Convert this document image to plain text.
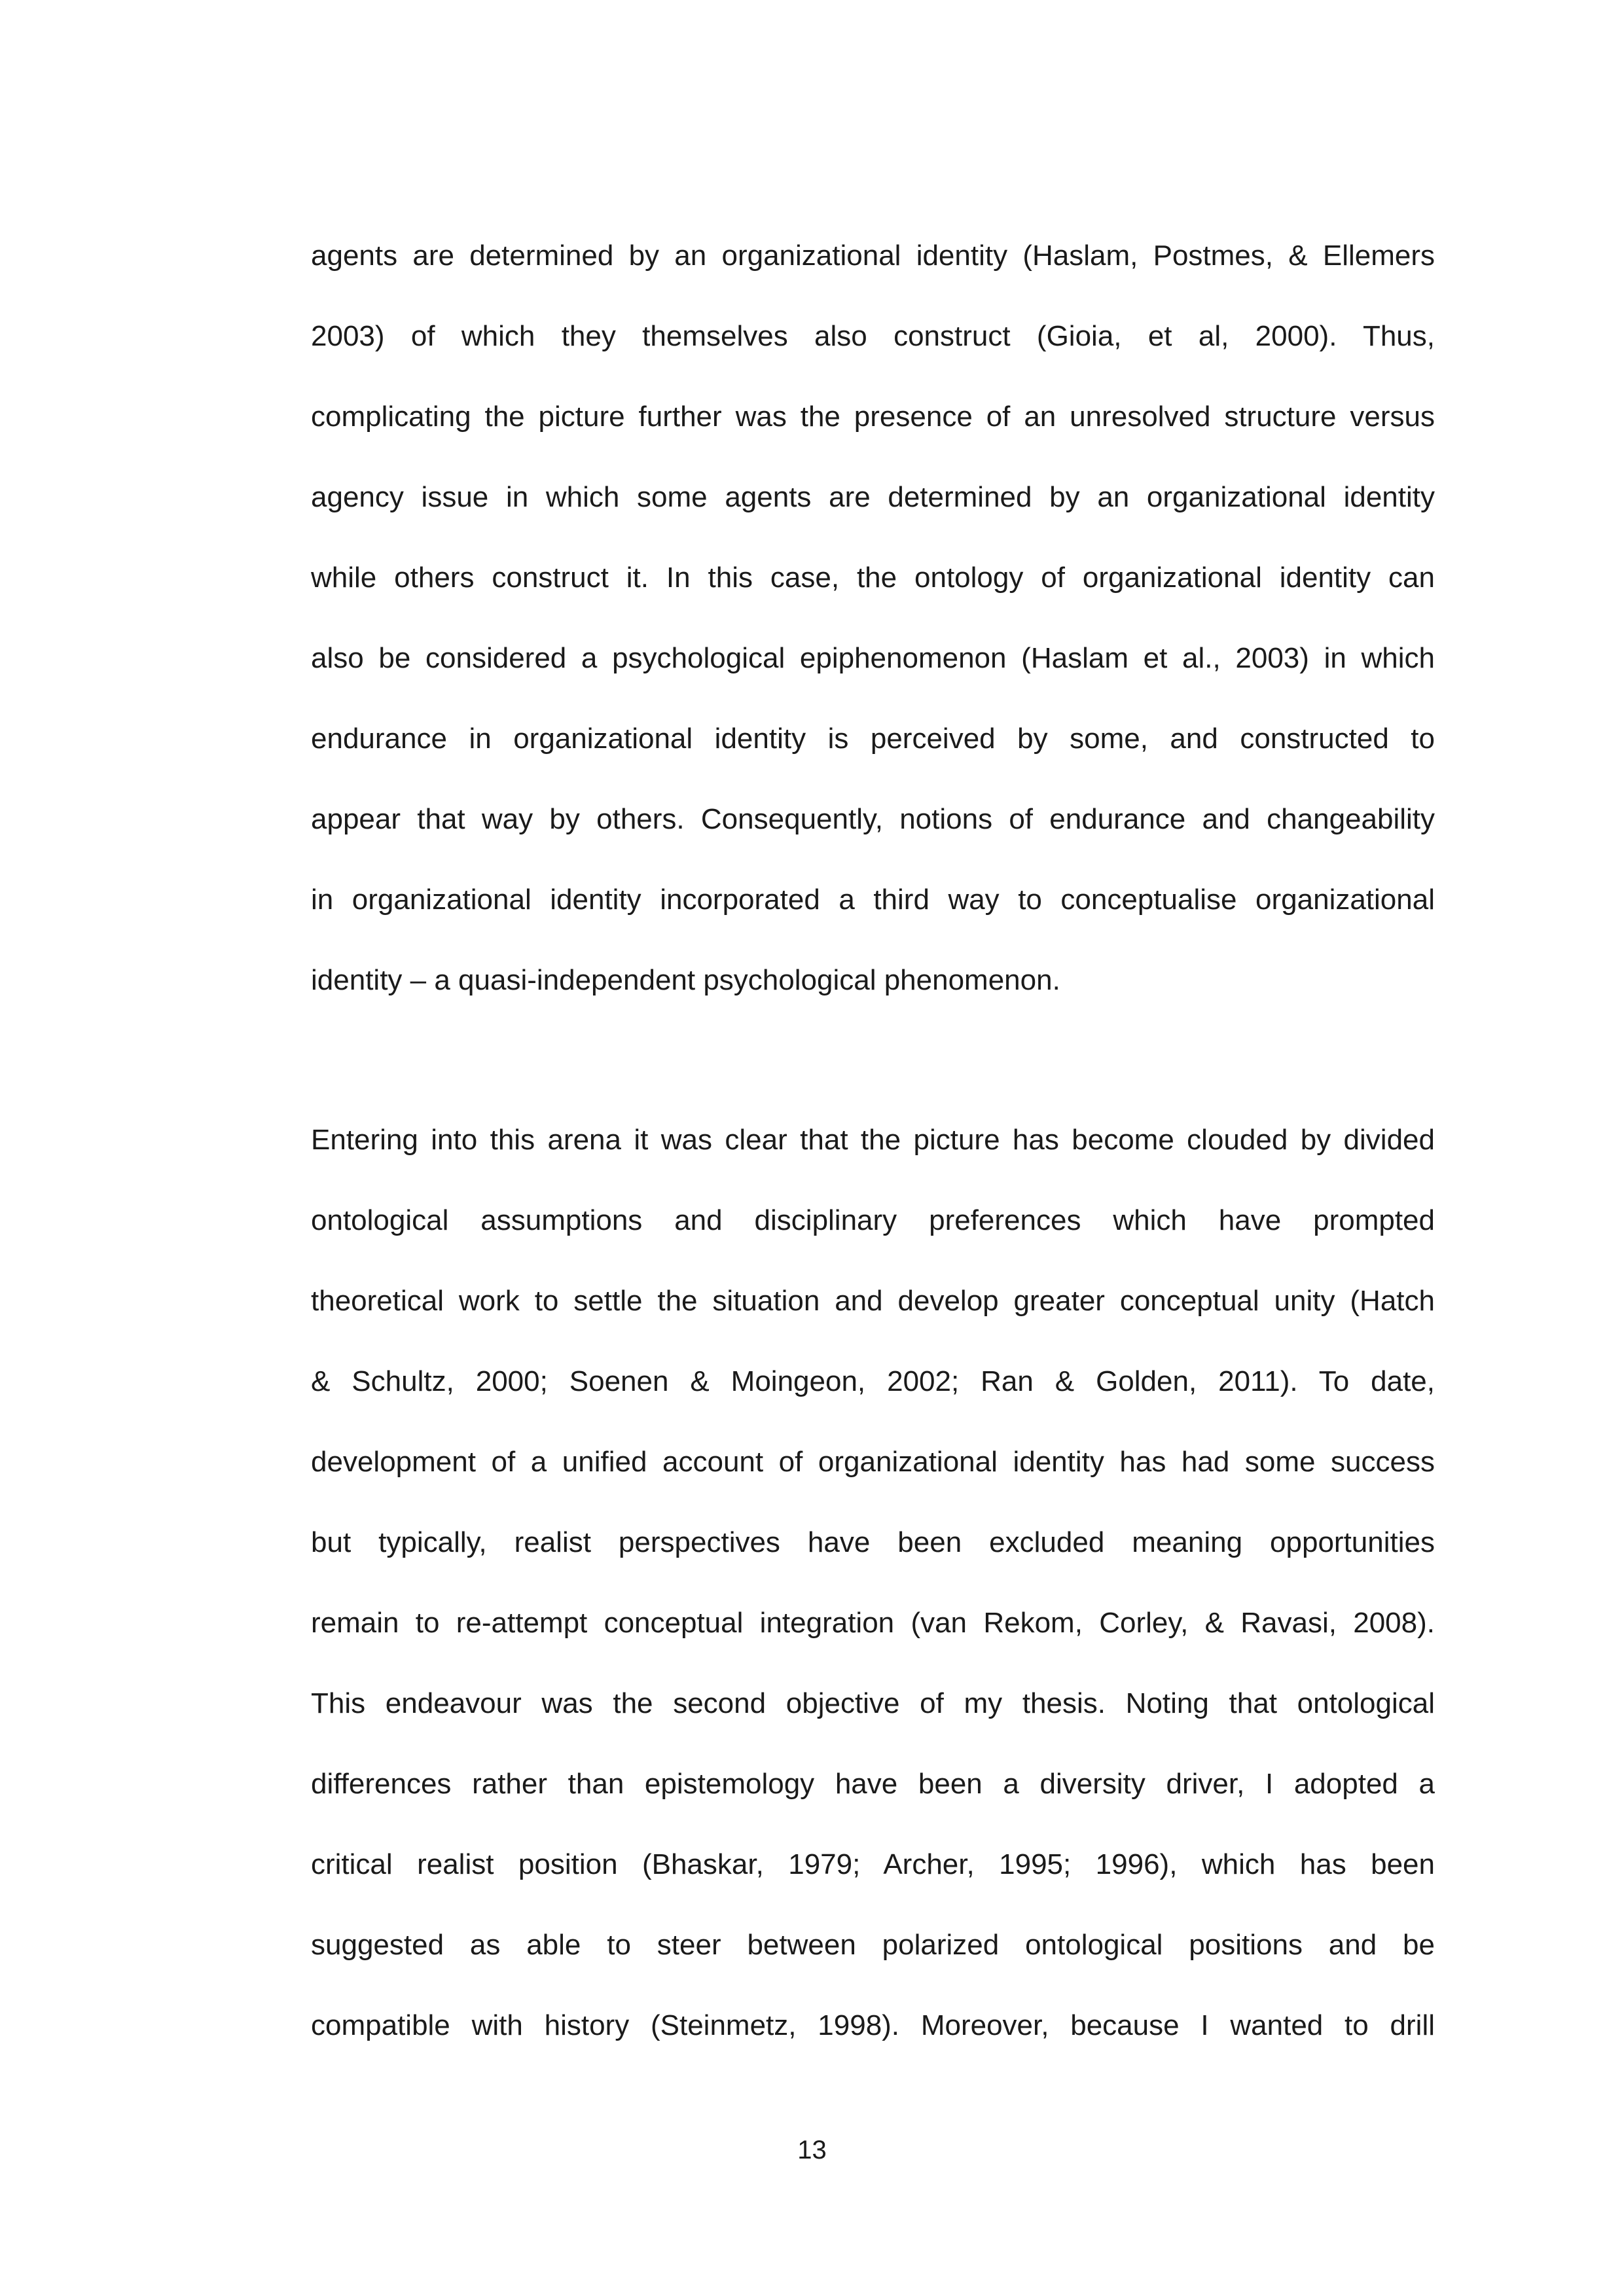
agents are determined by an organizational identity (Haslam, Postmes, & Ellemers
2003) of which they themselves also construct (Gioia, et al, 2000). Thus,
complicating the picture further was the presence of an unresolved structure versus
agency issue in which some agents are determined by an organizational identity
while others construct it. In this case, the ontology of organizational identity can
also be considered a psychological epiphenomenon (Haslam et al., 2003) in which
endurance in organizational identity is perceived by some, and constructed to
appear that way by others. Consequently, notions of endurance and changeability
in organizational identity incorporated a third way to conceptualise organizational
identity – a quasi-independent psychological phenomenon.
Entering into this arena it was clear that the picture has become clouded by divided
ontological assumptions and disciplinary preferences which have prompted
theoretical work to settle the situation and develop greater conceptual unity (Hatch
& Schultz, 2000; Soenen & Moingeon, 2002; Ran & Golden, 2011). To date,
development of a unified account of organizational identity has had some success
but typically, realist perspectives have been excluded meaning opportunities
remain to re-attempt conceptual integration (van Rekom, Corley, & Ravasi, 2008).
This endeavour was the second objective of my thesis. Noting that ontological
differences rather than epistemology have been a diversity driver, I adopted a
critical realist position (Bhaskar, 1979; Archer, 1995; 1996), which has been
suggested as able to steer between polarized ontological positions and be
compatible with history (Steinmetz, 1998). Moreover, because I wanted to drill
13
